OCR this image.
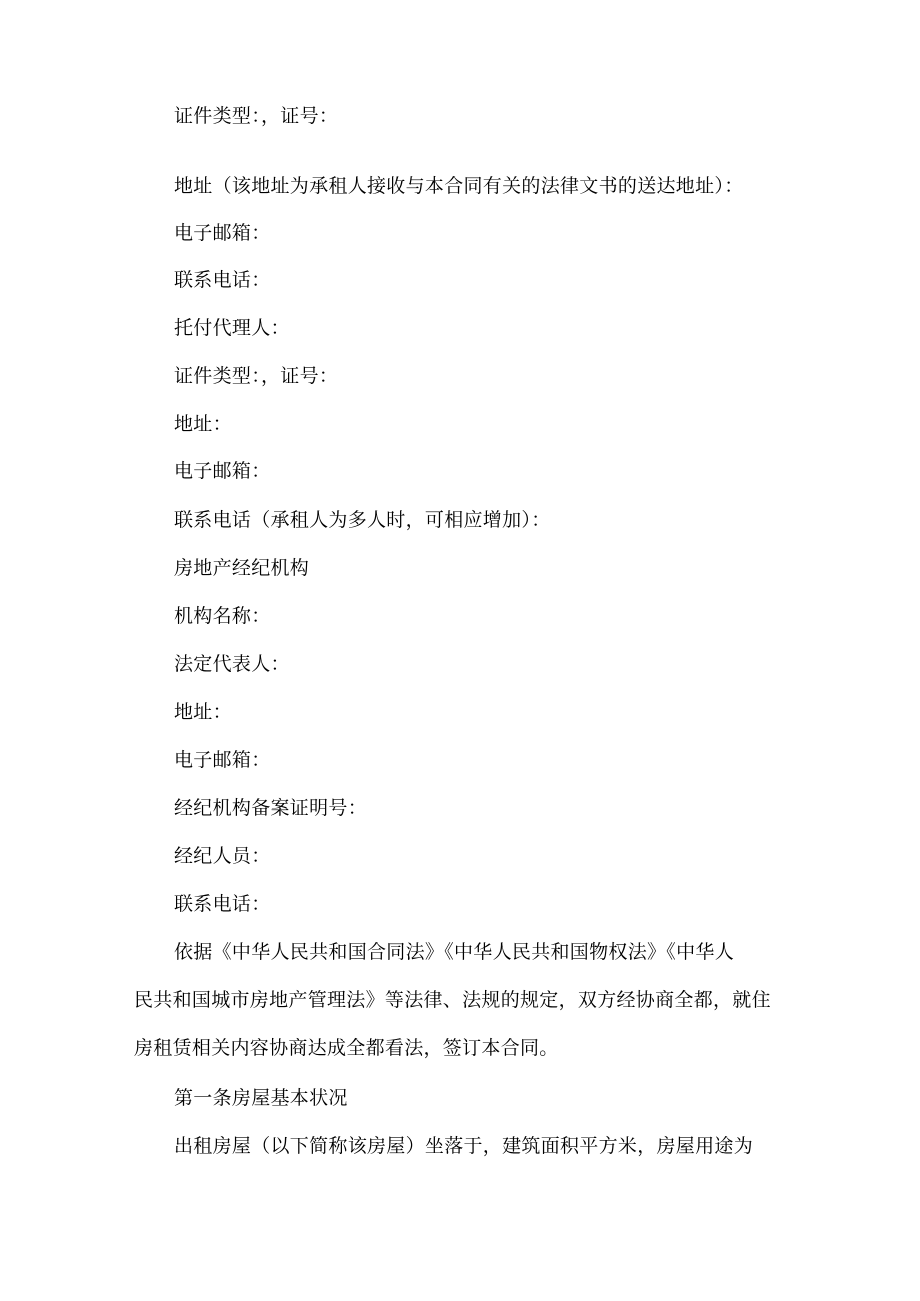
证件类型：，证号：
地址（该地址为承租人接收与本合同有关的法律文书的送达地址）：
电子邮箱：
联系电话：
托付代理人：
证件类型：，证号：
地址：
电子邮箱：
联系电话（承租人为多人时，可相应增加）：
房地产经纪机构
机构名称：
法定代表人：
地址：
电子邮箱：
经纪机构备案证明号：
经纪人员：
联系电话：
依据《中华人民共和国合同法》《中华人民共和国物权法》《中华人
民共和国城市房地产管理法》等法律、法规的规定，双方经协商全都，就住
房租赁相关内容协商达成全都看法，签订本合同。
第一条房屋基本状况
出租房屋（以下简称该房屋）坐落于，建筑面积平方米，房屋用途为
